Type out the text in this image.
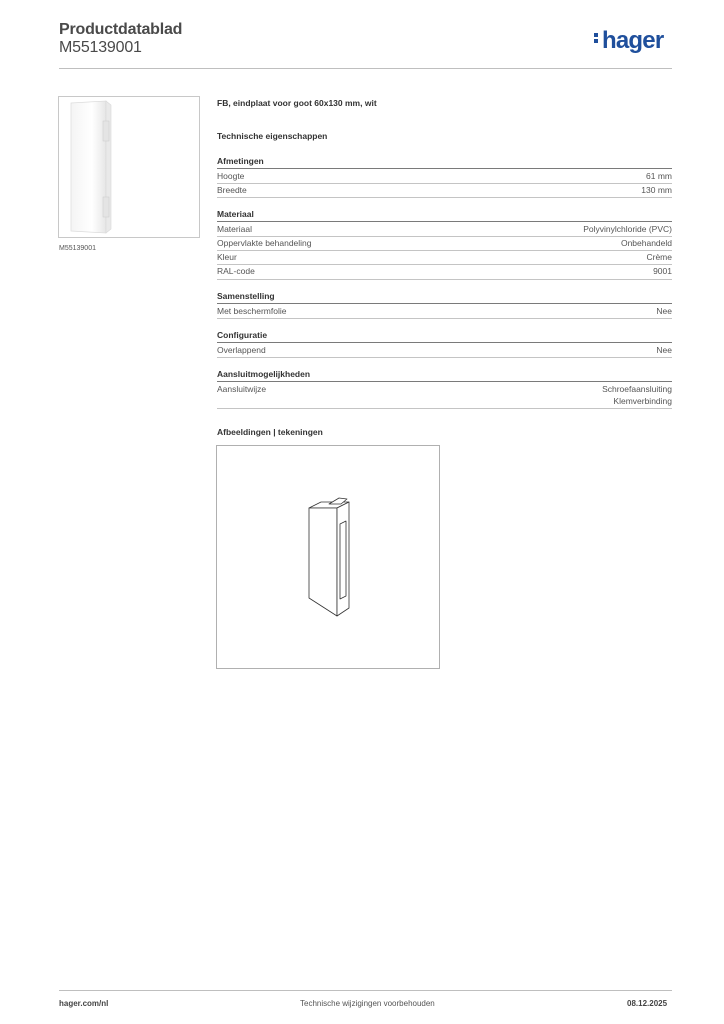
Productdatablad
M55139001	hager
M55139001
FB, eindplaat voor goot 60x130 mm, wit
Technische eigenschappen
Afmetingen
Hoogte	61 mm
Breedte	130 mm
Materiaal
Materiaal	Polyvinylchloride (PVC)
Oppervlakte behandeling	Onbehandeld
Kleur	Crème
RAL-code	9001
Samenstelling
Met beschermfolie	Nee
Configuratie
Overlappend	Nee
Aansluitmogelijkheden
Aansluitwijze	Schroefaansluiting
Klemverbinding
Afbeeldingen | tekeningen
hager.com/nl	Technische wijzigingen voorbehouden	08.12.2025
